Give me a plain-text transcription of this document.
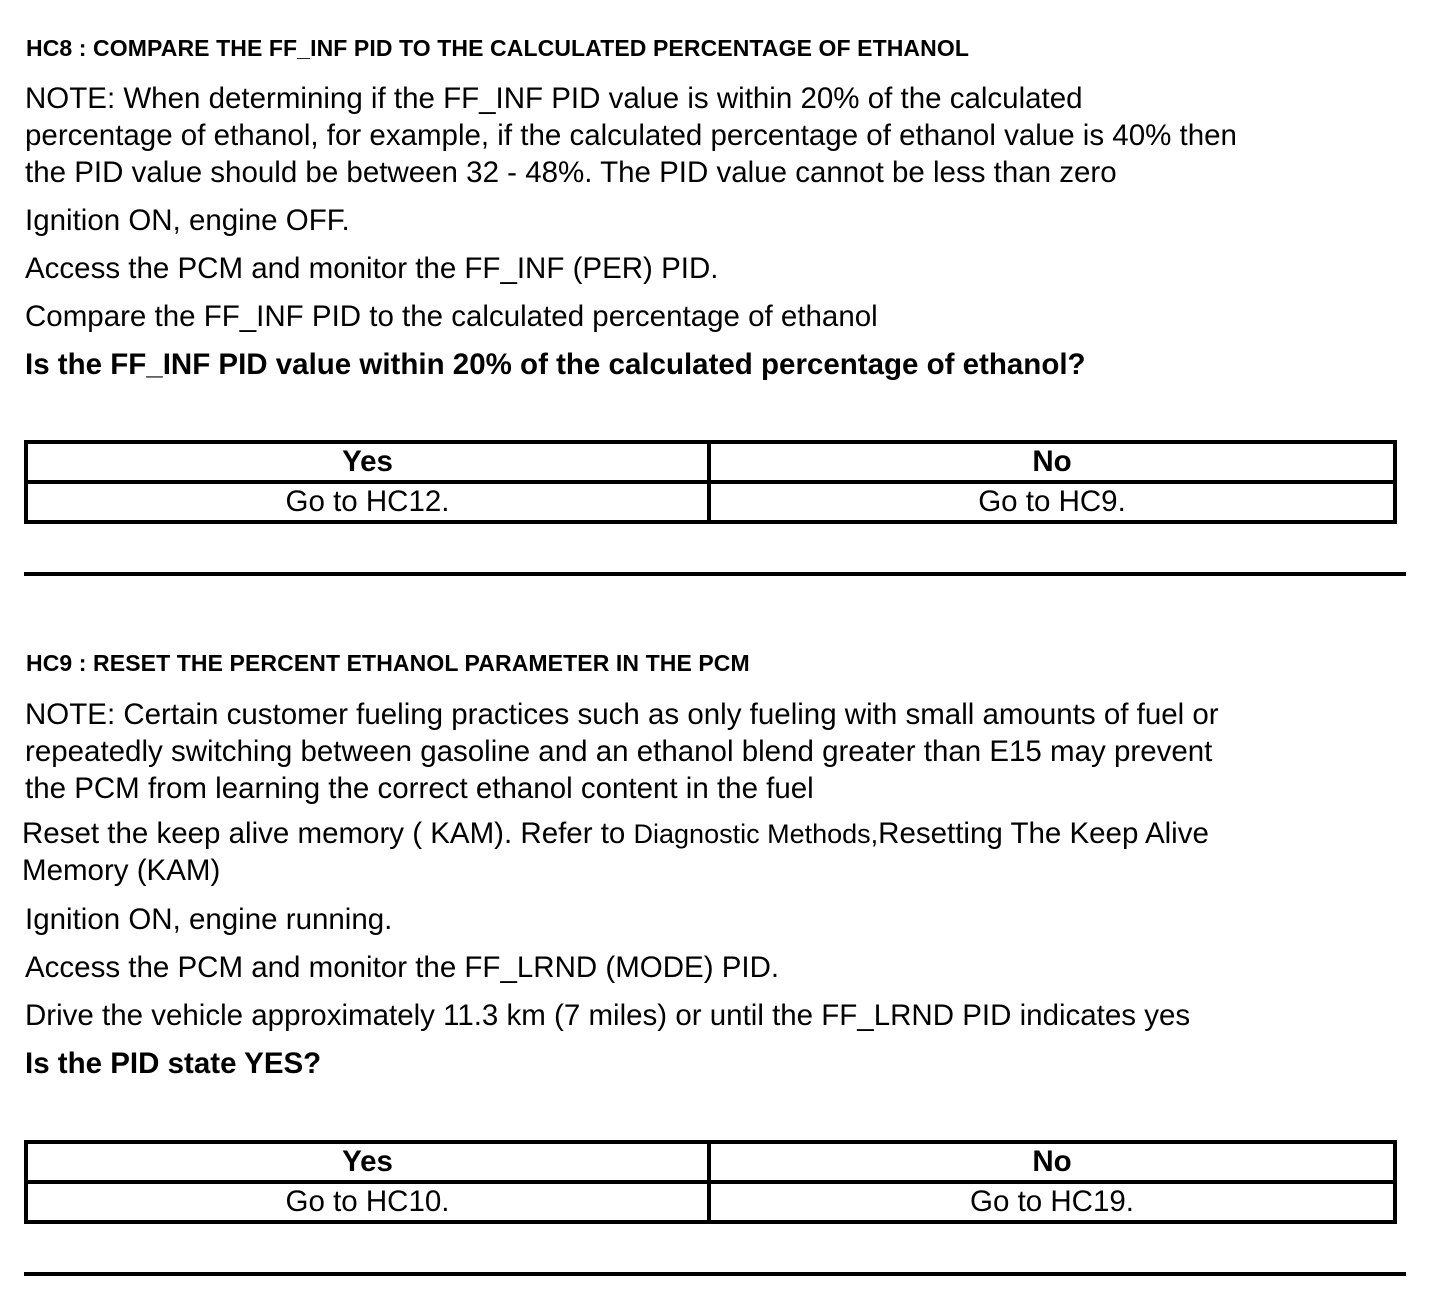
HC8 : COMPARE THE FF_INF PID TO THE CALCULATED PERCENTAGE OF ETHANOL
NOTE: When determining if the FF_INF PID value is within 20% of the calculated
percentage of ethanol, for example, if the calculated percentage of ethanol value is 40% then
the PID value should be between 32 - 48%. The PID value cannot be less than zero
Ignition ON, engine OFF.
Access the PCM and monitor the FF_INF (PER) PID.
Compare the FF_INF PID to the calculated percentage of ethanol
Is the FF_INF PID value within 20% of the calculated percentage of ethanol?
Yes	No
Go to HC12.	Go to HC9.
HC9 : RESET THE PERCENT ETHANOL PARAMETER IN THE PCM
NOTE: Certain customer fueling practices such as only fueling with small amounts of fuel or
repeatedly switching between gasoline and an ethanol blend greater than E15 may prevent
the PCM from learning the correct ethanol content in the fuel
Reset the keep alive memory ( KAM). Refer to Diagnostic Methods,Resetting The Keep Alive
Memory (KAM)
Ignition ON, engine running.
Access the PCM and monitor the FF_LRND (MODE) PID.
Drive the vehicle approximately 11.3 km (7 miles) or until the FF_LRND PID indicates yes
Is the PID state YES?
Yes	No
Go to HC10.	Go to HC19.
